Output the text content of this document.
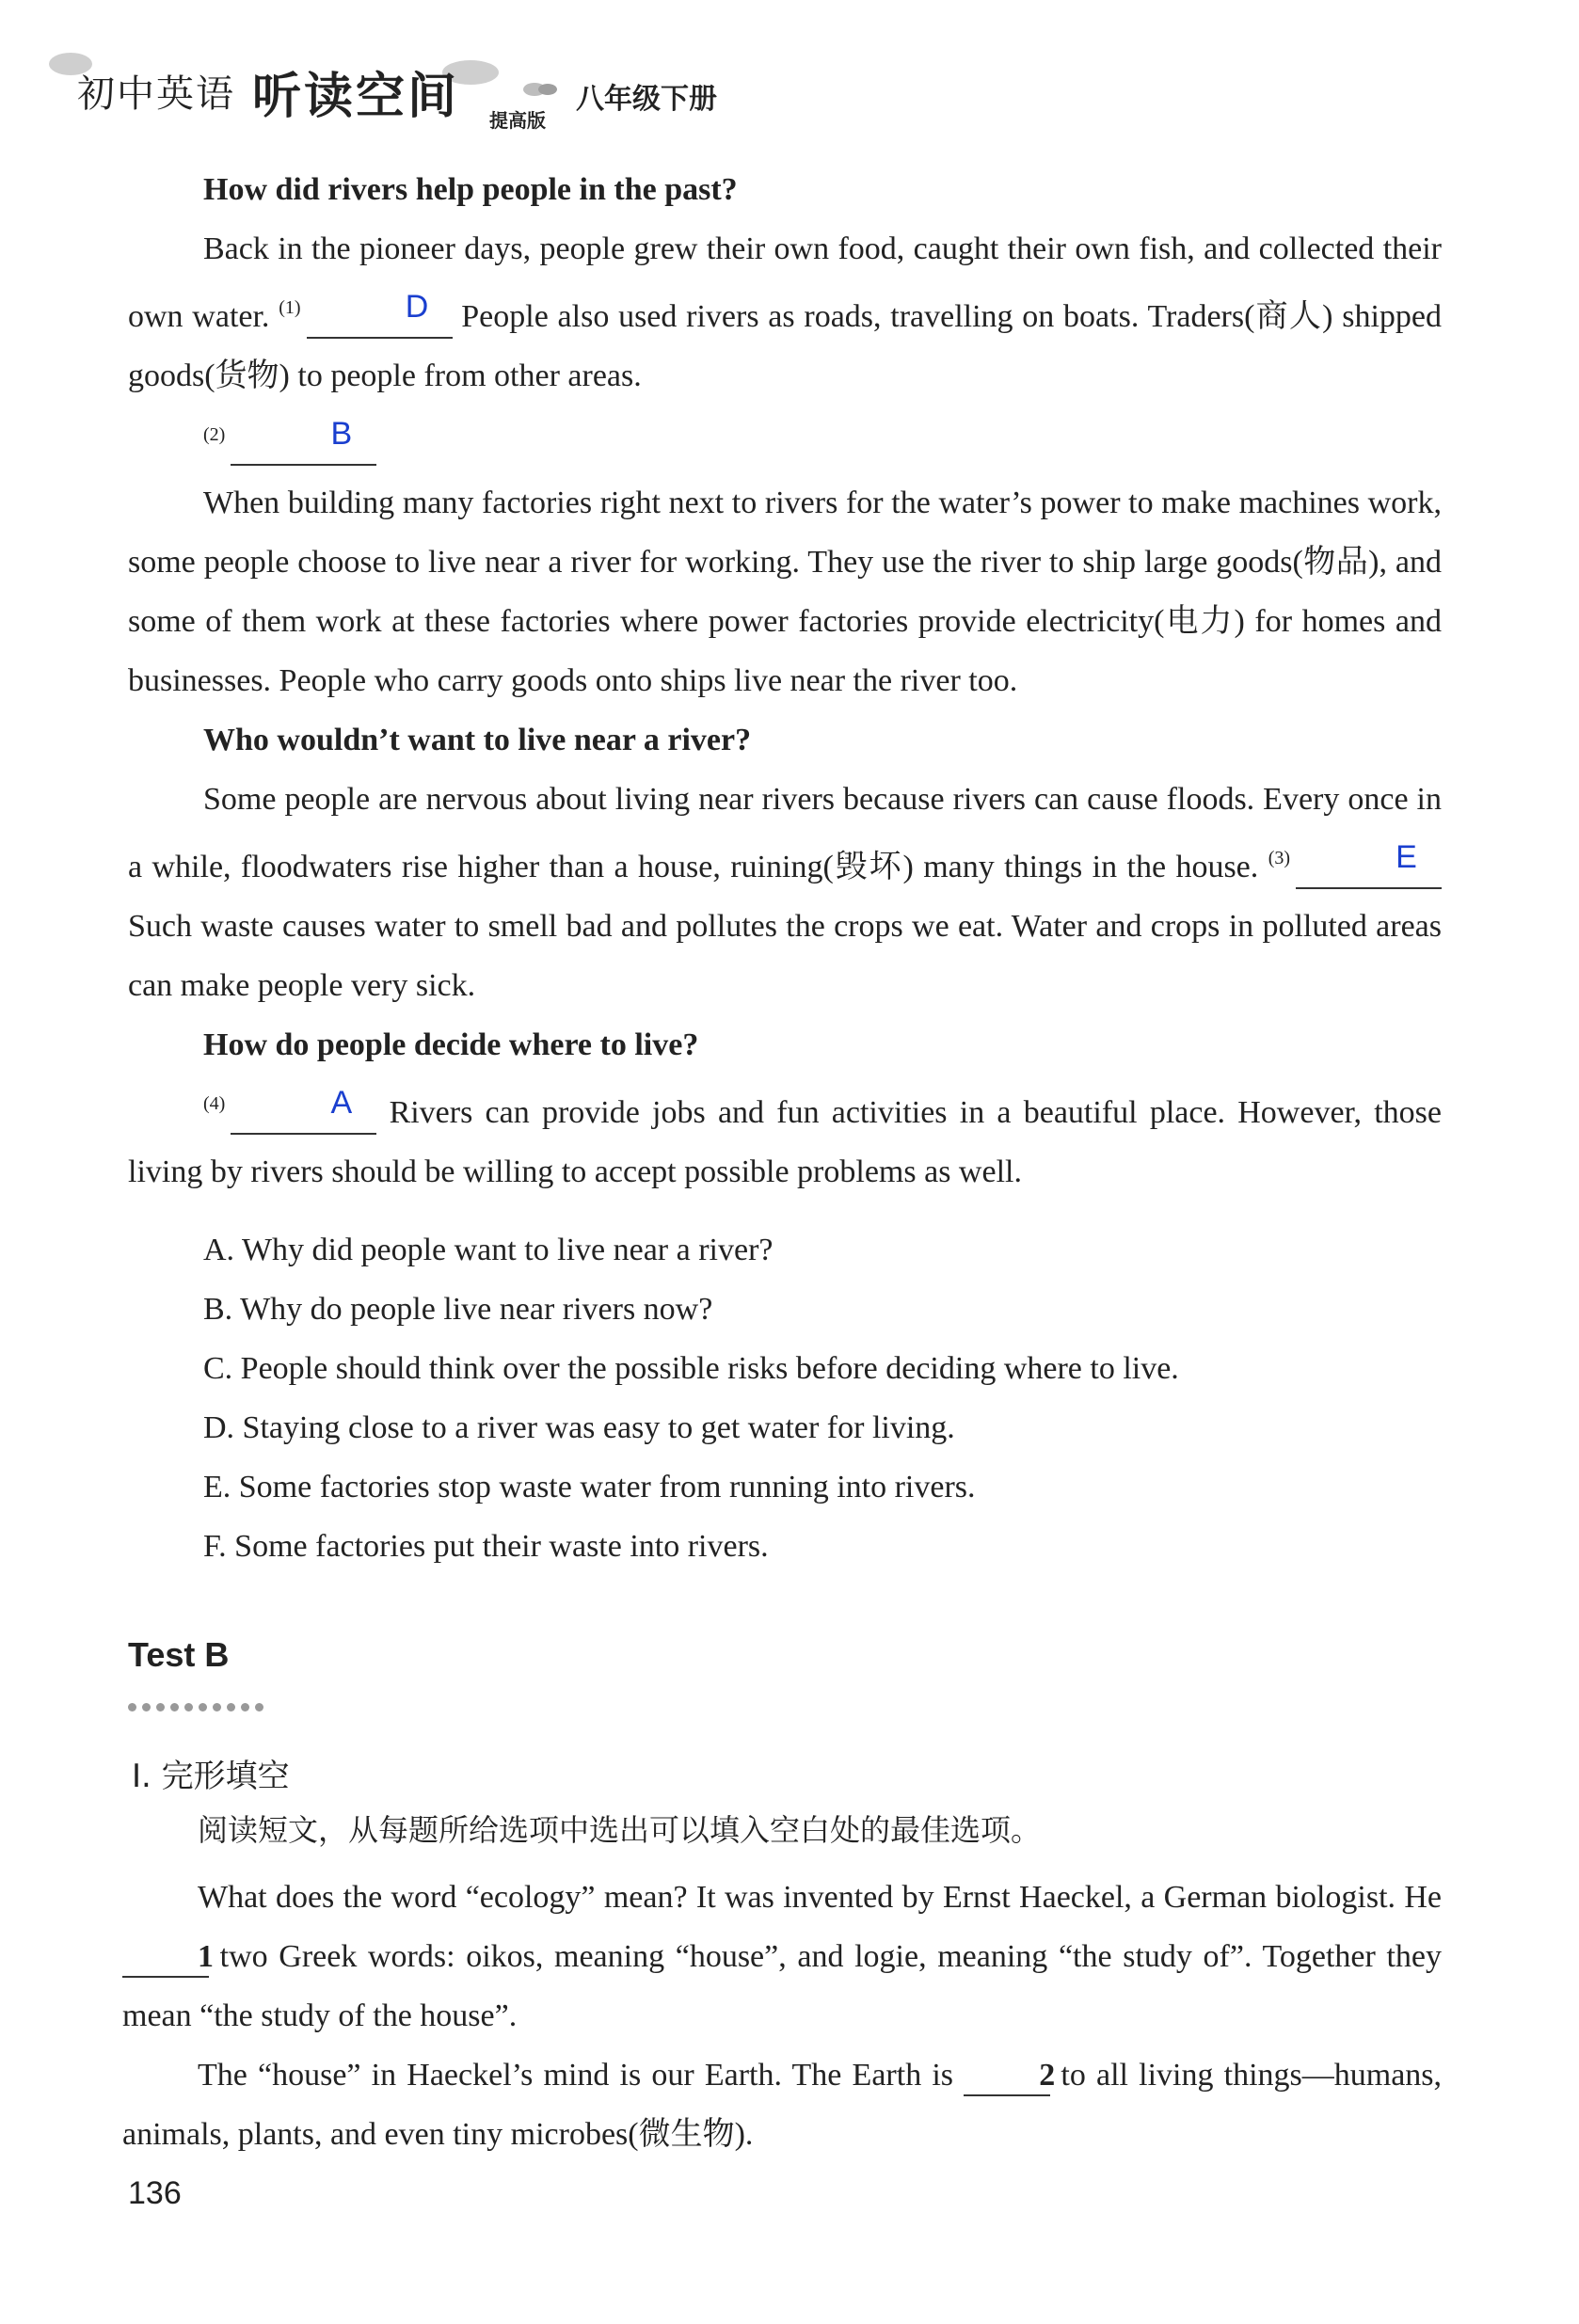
初中英语 听读空间 提高版
八年级下册

How did rivers help people in the past?

Back in the pioneer days, people grew their own food, caught their own fish, and collected their own water. $^{(1)}$	D People also used rivers as roads, travelling on boats. Traders(商人) shipped goods(货物) to people from other areas.

$^{(2)}$	B

When building many factories right next to rivers for the water’s power to make machines work, some people choose to live near a river for working. They use the river to ship large goods(物品), and some of them work at these factories where power factories provide electricity(电力) for homes and businesses. People who carry goods onto ships live near the river too.

Who wouldn’t want to live near a river?

Some people are nervous about living near rivers because rivers can cause floods. Every once in a while, floodwaters rise higher than a house, ruining(毁坏) many things in the house. $^{(3)}$	E Such waste causes water to smell bad and pollutes the crops we eat. Water and crops in polluted areas can make people very sick.

How do people decide where to live?

$^{(4)}$	A Rivers can provide jobs and fun activities in a beautiful place. However, those living by rivers should be willing to accept possible problems as well.

A. Why did people want to live near a river?

B. Why do people live near rivers now?

C. People should think over the possible risks before deciding where to live.

D. Staying close to a river was easy to get water for living.

E. Some factories stop waste water from running into rivers.

F. Some factories put their waste into rivers.

Test B
I. 完形填空
阅读短文，从每题所给选项中选出可以填入空白处的最佳选项。

What does the word “ecology” mean? It was invented by Ernst Haeckel, a German biologist. He 1 two Greek words: oikos, meaning “house”, and logie, meaning “the study of”. Together they mean “the study of the house”.

The “house” in Haeckel’s mind is our Earth. The Earth is	2 to all living things—humans, animals, plants, and even tiny microbes(微生物).

136
